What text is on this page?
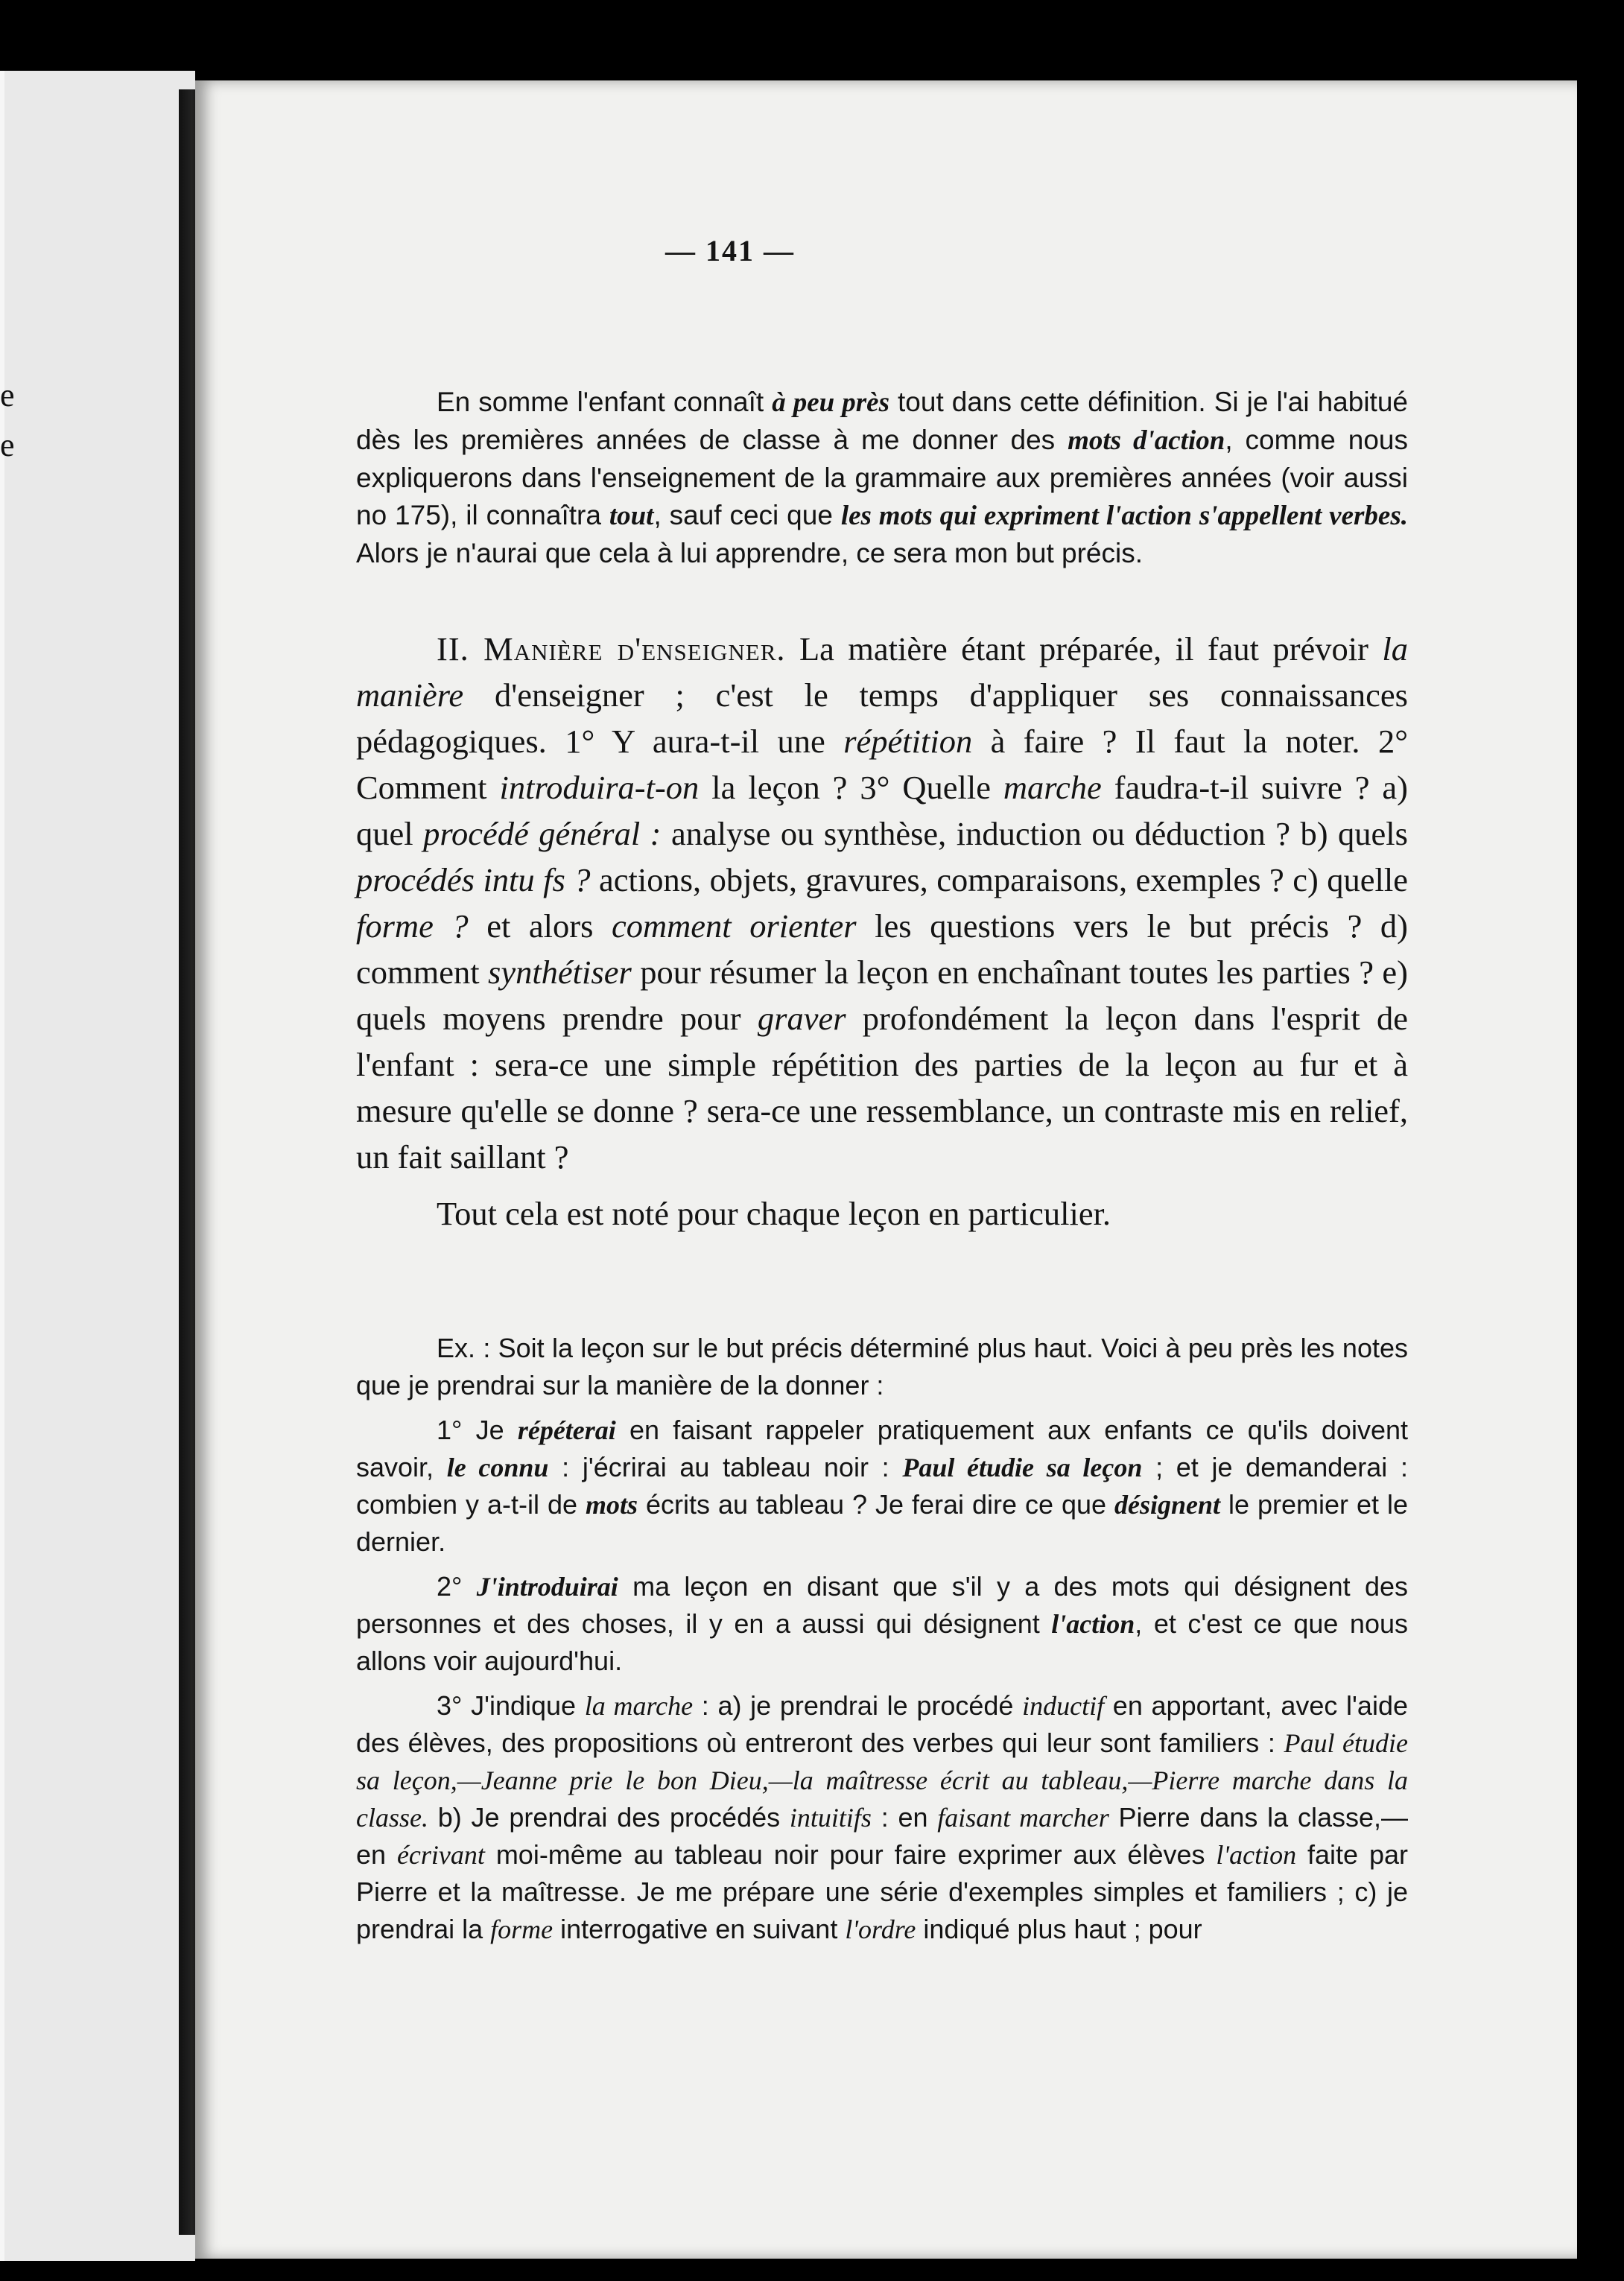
e
e
— 141 —

En somme l'enfant connaît à peu près tout dans cette définition. Si je l'ai habitué dès les premières années de classe à me donner des mots d'action, comme nous expliquerons dans l'enseignement de la grammaire aux premières années (voir aussi no 175), il connaîtra tout, sauf ceci que les mots qui expriment l'action s'appellent verbes. Alors je n'aurai que cela à lui apprendre, ce sera mon but précis.

II. Manière d'enseigner. La matière étant préparée, il faut prévoir la manière d'enseigner ; c'est le temps d'appliquer ses connaissances pédagogiques. 1° Y aura-t-il une répétition à faire ? Il faut la noter. 2° Comment introduira-t-on la leçon ? 3° Quelle marche faudra-t-il suivre ? a) quel procédé général : analyse ou synthèse, induction ou déduction ? b) quels procédés intu fs ? actions, objets, gravures, comparaisons, exemples ? c) quelle forme ? et alors comment orienter les questions vers le but précis ? d) comment synthétiser pour résumer la leçon en enchaînant toutes les parties ? e) quels moyens prendre pour graver profondément la leçon dans l'esprit de l'enfant : sera-ce une simple répétition des parties de la leçon au fur et à mesure qu'elle se donne ? sera-ce une ressemblance, un contraste mis en relief, un fait saillant ?

Tout cela est noté pour chaque leçon en particulier.

Ex. : Soit la leçon sur le but précis déterminé plus haut. Voici à peu près les notes que je prendrai sur la manière de la donner :

1° Je répéterai en faisant rappeler pratiquement aux enfants ce qu'ils doivent savoir, le connu : j'écrirai au tableau noir : Paul étudie sa leçon ; et je demanderai : combien y a-t-il de mots écrits au tableau ? Je ferai dire ce que désignent le premier et le dernier.

2° J'introduirai ma leçon en disant que s'il y a des mots qui désignent des personnes et des choses, il y en a aussi qui désignent l'action, et c'est ce que nous allons voir aujourd'hui.

3° J'indique la marche : a) je prendrai le procédé inductif en apportant, avec l'aide des élèves, des propositions où entreront des verbes qui leur sont familiers : Paul étudie sa leçon,—Jeanne prie le bon Dieu,—la maîtresse écrit au tableau,—Pierre marche dans la classe. b) Je prendrai des procédés intuitifs : en faisant marcher Pierre dans la classe,—en écrivant moi-même au tableau noir pour faire exprimer aux élèves l'action faite par Pierre et la maîtresse. Je me prépare une série d'exemples simples et familiers ; c) je prendrai la forme interrogative en suivant l'ordre indiqué plus haut ; pour
